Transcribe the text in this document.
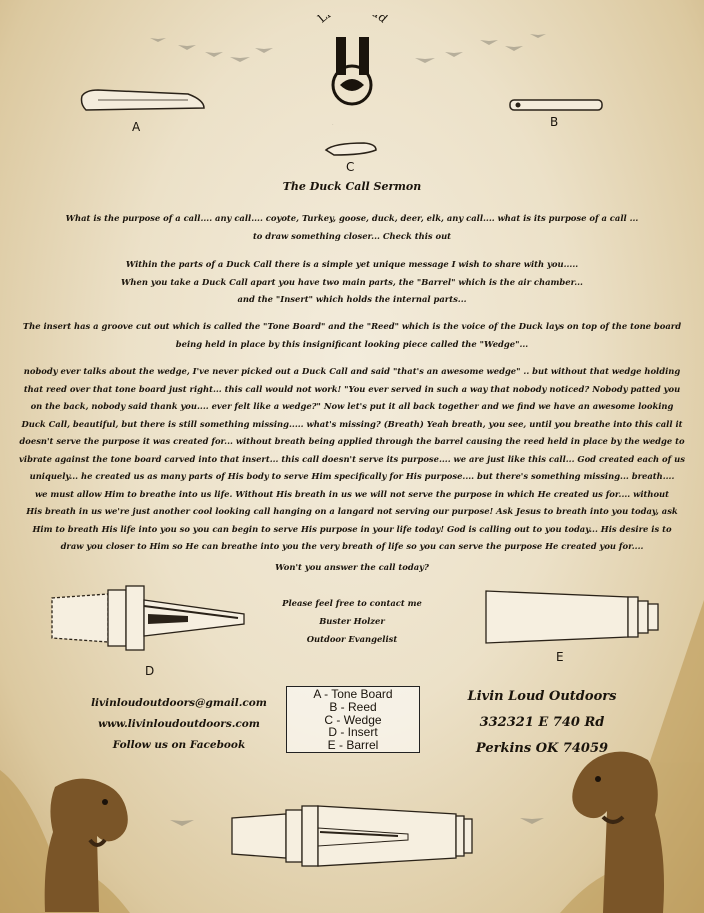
L d
A	B
C
The Duck Call Sermon
What is the purpose of a call.... any call.... coyote, Turkey, goose, duck, deer, elk, any call.... what is its purpose of a call ...
to draw something closer... Check this out
Within the parts of a Duck Call there is a simple yet unique message I wish to share with you.....
When you take a Duck Call apart you have two main parts, the "Barrel" which is the air chamber...
and the "Insert" which holds the internal parts...
The insert has a groove cut out which is called the "Tone Board" and the "Reed" which is the voice of the Duck lays on top of the tone board
being held in place by this insignificant looking piece called the "Wedge"...
nobody ever talks about the wedge, I've never picked out a Duck Call and said "that's an awesome wedge" .. but without that wedge holding
that reed over that tone board just right... this call would not work! "You ever served in such a way that nobody noticed? Nobody patted you
on the back, nobody said thank you.... ever felt like a wedge?" Now let's put it all back together and we find we have an awesome looking
Duck Call, beautiful, but there is still something missing..... what's missing? (Breath) Yeah breath, you see, until you breathe into this call it
doesn't serve the purpose it was created for... without breath being applied through the barrel causing the reed held in place by the wedge to
vibrate against the tone board carved into that insert... this call doesn't serve its purpose.... we are just like this call... God created each of us
uniquely... he created us as many parts of His body to serve Him specifically for His purpose.... but there's something missing... breath....
we must allow Him to breathe into us life. Without His breath in us we will not serve the purpose in which He created us for.... without
His breath in us we're just another cool looking call hanging on a langard not serving our purpose! Ask Jesus to breath into you today, ask
Him to breath His life into you so you can begin to serve His purpose in your life today! God is calling out to you today... His desire is to
draw you closer to Him so He can breathe into you the very breath of life so you can serve the purpose He created you for....
Won't you answer the call today?
D
Please feel free to contact me
Buster Holzer
Outdoor Evangelist
E
A - Tone Board
B - Reed
C - Wedge
D - Insert
E - Barrel
livinloudoutdoors@gmail.com
www.livinloudoutdoors.com
Follow us on Facebook
Livin Loud Outdoors
332321 E 740 Rd
Perkins OK 74059
